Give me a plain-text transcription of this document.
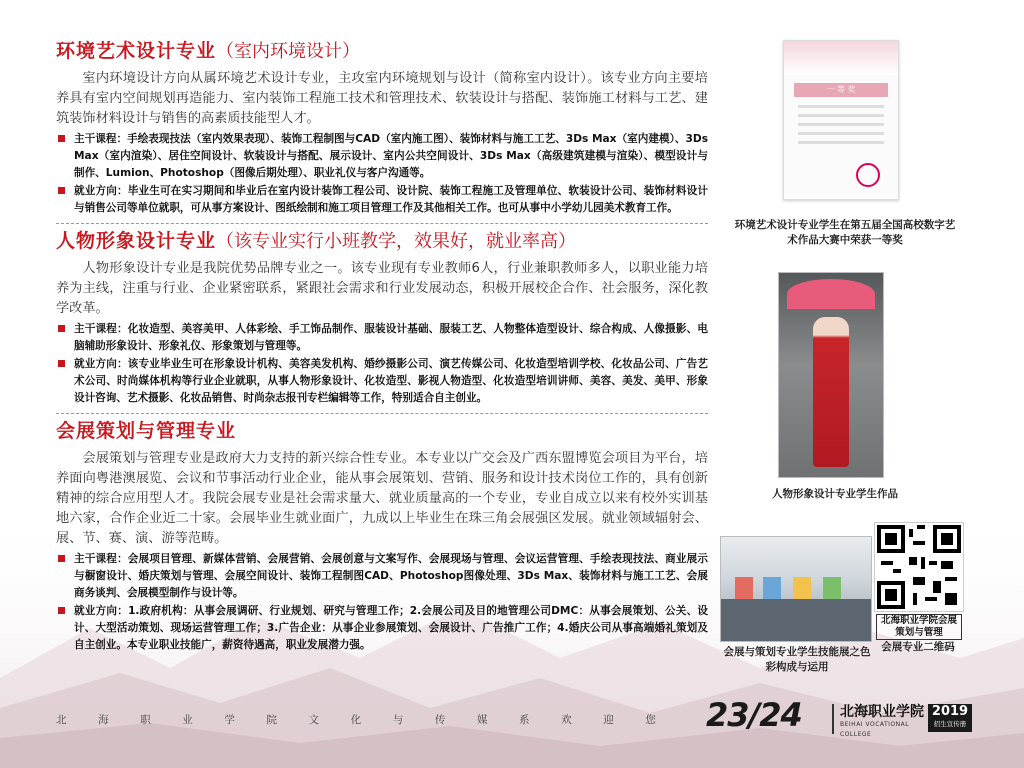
环境艺术设计专业（室内环境设计）

室内环境设计方向从属环境艺术设计专业，主攻室内环境规划与设计（简称室内设计）。该专业方向主要培养具有室内空间规划再造能力、室内装饰工程施工技术和管理技术、软装设计与搭配、装饰施工材料与工艺、建筑装饰材料设计与销售的高素质技能型人才。

主干课程：手绘表现技法（室内效果表现）、装饰工程制图与CAD（室内施工图）、装饰材料与施工工艺、3Ds Max（室内建模）、3Ds Max（室内渲染）、居住空间设计、软装设计与搭配、展示设计、室内公共空间设计、3Ds Max（高级建筑建模与渲染）、模型设计与制作、Lumion、Photoshop（图像后期处理）、职业礼仪与客户沟通等。
就业方向：毕业生可在实习期间和毕业后在室内设计装饰工程公司、设计院、装饰工程施工及管理单位、软装设计公司、装饰材料设计与销售公司等单位就职，可从事方案设计、图纸绘制和施工项目管理工作及其他相关工作。也可从事中小学幼儿园美术教育工作。
人物形象设计专业（该专业实行小班教学，效果好，就业率高）

人物形象设计专业是我院优势品牌专业之一。该专业现有专业教师6人，行业兼职教师多人，以职业能力培养为主线，注重与行业、企业紧密联系，紧跟社会需求和行业发展动态，积极开展校企合作、社会服务，深化教学改革。

主干课程：化妆造型、美容美甲、人体彩绘、手工饰品制作、服装设计基础、服装工艺、人物整体造型设计、综合构成、人像摄影、电脑辅助形象设计、形象礼仪、形象策划与管理等。
就业方向：该专业毕业生可在形象设计机构、美容美发机构、婚纱摄影公司、演艺传媒公司、化妆造型培训学校、化妆品公司、广告艺术公司、时尚媒体机构等行业企业就职，从事人物形象设计、化妆造型、影视人物造型、化妆造型培训讲师、美容、美发、美甲、形象设计咨询、艺术摄影、化妆品销售、时尚杂志报刊专栏编辑等工作，特别适合自主创业。
会展策划与管理专业

会展策划与管理专业是政府大力支持的新兴综合性专业。本专业以广交会及广西东盟博览会项目为平台，培养面向粤港澳展览、会议和节事活动行业企业，能从事会展策划、营销、服务和设计技术岗位工作的，具有创新精神的综合应用型人才。我院会展专业是社会需求量大、就业质量高的一个专业，专业自成立以来有校外实训基地六家，合作企业近二十家。会展毕业生就业面广，九成以上毕业生在珠三角会展强区发展。就业领域辐射会、展、节、赛、演、游等范畴。

主干课程：会展项目管理、新媒体营销、会展营销、会展创意与文案写作、会展现场与管理、会议运营管理、手绘表现技法、商业展示与橱窗设计、婚庆策划与管理、会展空间设计、装饰工程制图CAD、Photoshop图像处理、3Ds Max、装饰材料与施工工艺、会展商务谈判、会展模型制作与设计等。
就业方向：1.政府机构：从事会展调研、行业规划、研究与管理工作；2.会展公司及目的地管理公司DMC：从事会展策划、公关、设计、大型活动策划、现场运营管理工作；3.广告企业：从事企业参展策划、会展设计、广告推广工作；4.婚庆公司从事高端婚礼策划及自主创业。本专业职业技能广，薪资待遇高，职业发展潜力强。
一 等 奖
环境艺术设计专业学生在第五届全国高校数字艺术作品大赛中荣获一等奖
人物形象设计专业学生作品
会展与策划专业学生技能展之色彩构成与运用
北海职业学院会展策划与管理
会展专业二维码
北	海	职	业	学	院	文	化	与	传	媒	系	欢	迎	您 23/24	北海职业学院
BEIHAI VOCATIONAL COLLEGE
2019
招生宣传册
